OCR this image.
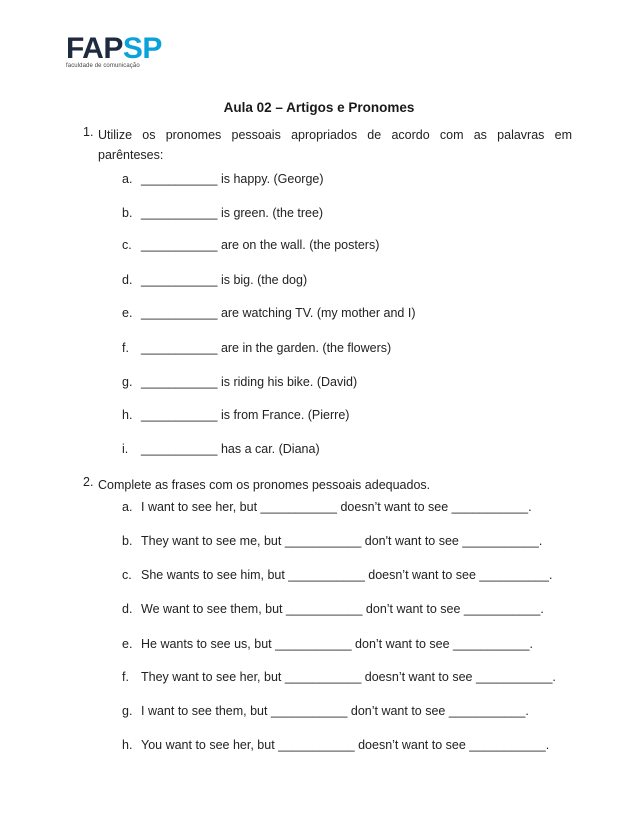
FAPSP
faculdade de comunicação
Aula 02 – Artigos e Pronomes
1. Utilize os pronomes pessoais apropriados de acordo com as palavras em
parênteses:
a. ___________ is happy. (George)
b. ___________ is green. (the tree)
c. ___________ are on the wall. (the posters)
d. ___________ is big. (the dog)
e. ___________ are watching TV. (my mother and I)
f. ___________ are in the garden. (the flowers)
g. ___________ is riding his bike. (David)
h. ___________ is from France. (Pierre)
i. ___________ has a car. (Diana)
2. Complete as frases com os pronomes pessoais adequados.
a. I want to see her, but ___________ doesn’t want to see ___________.
b. They want to see me, but ___________ don't want to see ___________.
c. She wants to see him, but ___________ doesn’t want to see __________.
d. We want to see them, but ___________ don’t want to see ___________.
e. He wants to see us, but ___________ don’t want to see ___________.
f. They want to see her, but ___________ doesn’t want to see ___________.
g. I want to see them, but ___________ don’t want to see ___________.
h. You want to see her, but ___________ doesn’t want to see ___________.
